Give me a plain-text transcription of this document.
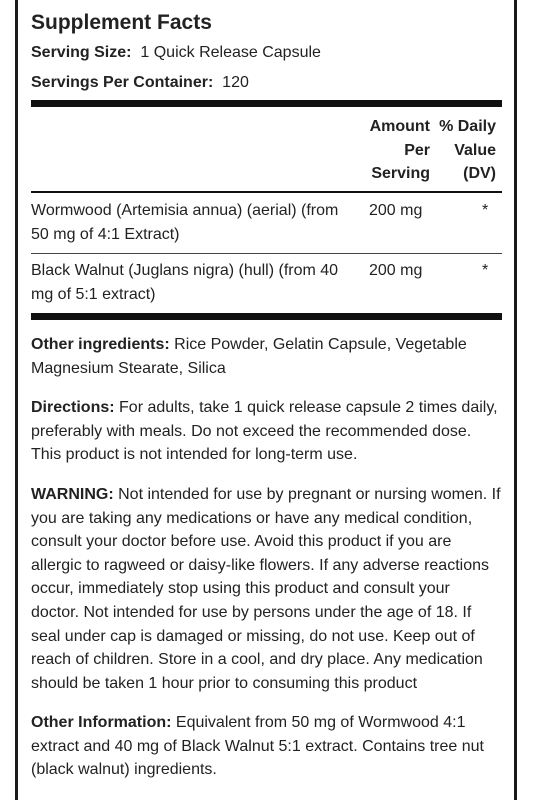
Supplement Facts
Serving Size: 1 Quick Release Capsule
Servings Per Container: 120
Amount
Per
Serving
% Daily
Value
(DV)
Wormwood (Artemisia annua) (aerial) (from
50 mg of 4:1 Extract)
200 mg	*
Black Walnut (Juglans nigra) (hull) (from 40
mg of 5:1 extract)
200 mg	*
Other ingredients: Rice Powder, Gelatin Capsule, Vegetable Magnesium Stearate, Silica
Directions: For adults, take 1 quick release capsule 2 times daily, preferably with meals. Do not exceed the recommended dose. This product is not intended for long-term use.
WARNING: Not intended for use by pregnant or nursing women. If you are taking any medications or have any medical condition, consult your doctor before use. Avoid this product if you are allergic to ragweed or daisy-like flowers. If any adverse reactions occur, immediately stop using this product and consult your doctor. Not intended for use by persons under the age of 18. If seal under cap is damaged or missing, do not use. Keep out of reach of children. Store in a cool, and dry place. Any medication should be taken 1 hour prior to consuming this product
Other Information: Equivalent from 50 mg of Wormwood 4:1 extract and 40 mg of Black Walnut 5:1 extract. Contains tree nut (black walnut) ingredients.
